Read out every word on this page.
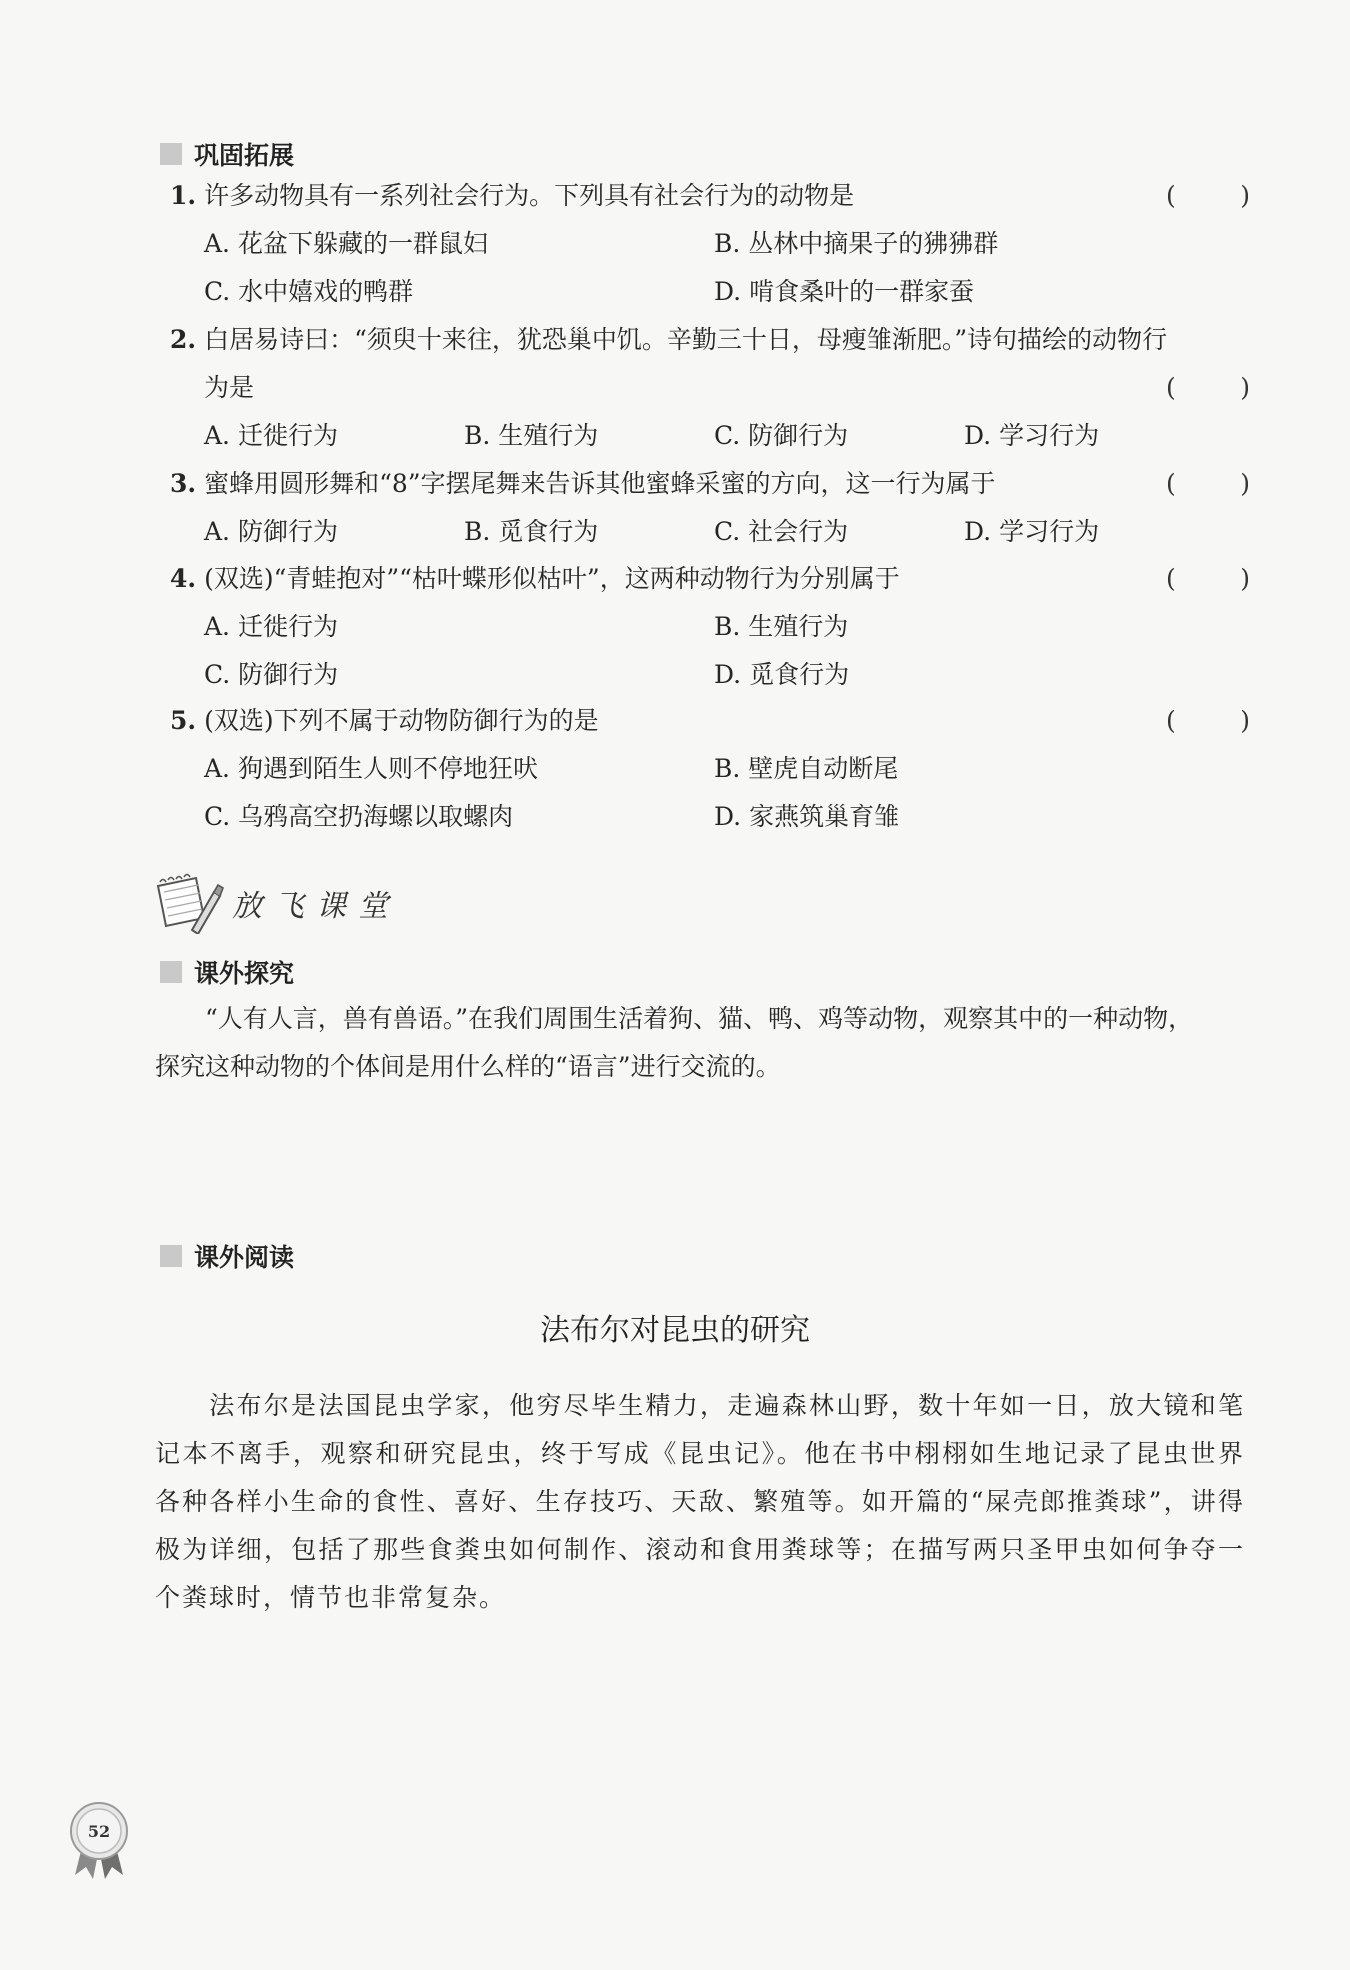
巩固拓展
1. 许多动物具有一系列社会行为。下列具有社会行为的动物是	(	)
A. 花盆下躲藏的一群鼠妇	B. 丛林中摘果子的狒狒群
C. 水中嬉戏的鸭群	D. 啃食桑叶的一群家蚕
2. 白居易诗曰：“须臾十来往，犹恐巢中饥。辛勤三十日，母瘦雏渐肥。”诗句描绘的动物行
为是	(	)
A. 迁徙行为	B. 生殖行为	C. 防御行为	D. 学习行为
3. 蜜蜂用圆形舞和“8”字摆尾舞来告诉其他蜜蜂采蜜的方向，这一行为属于	(	)
A. 防御行为	B. 觅食行为	C. 社会行为	D. 学习行为
4. (双选)“青蛙抱对”“枯叶蝶形似枯叶”，这两种动物行为分别属于	(	)
A. 迁徙行为	B. 生殖行为
C. 防御行为	D. 觅食行为
5. (双选)下列不属于动物防御行为的是	(	)
A. 狗遇到陌生人则不停地狂吠	B. 壁虎自动断尾
C. 乌鸦高空扔海螺以取螺肉	D. 家燕筑巢育雏
放飞课堂
课外探究
“人有人言，兽有兽语。”在我们周围生活着狗、猫、鸭、鸡等动物，观察其中的一种动物，
探究这种动物的个体间是用什么样的“语言”进行交流的。
课外阅读
法布尔对昆虫的研究
法布尔是法国昆虫学家，他穷尽毕生精力，走遍森林山野，数十年如一日，放大镜和笔记本不离手，观察和研究昆虫，终于写成《昆虫记》。他在书中栩栩如生地记录了昆虫世界各种各样小生命的食性、喜好、生存技巧、天敌、繁殖等。如开篇的“屎壳郎推粪球”，讲得极为详细，包括了那些食粪虫如何制作、滚动和食用粪球等；在描写两只圣甲虫如何争夺一个粪球时，情节也非常复杂。
52
